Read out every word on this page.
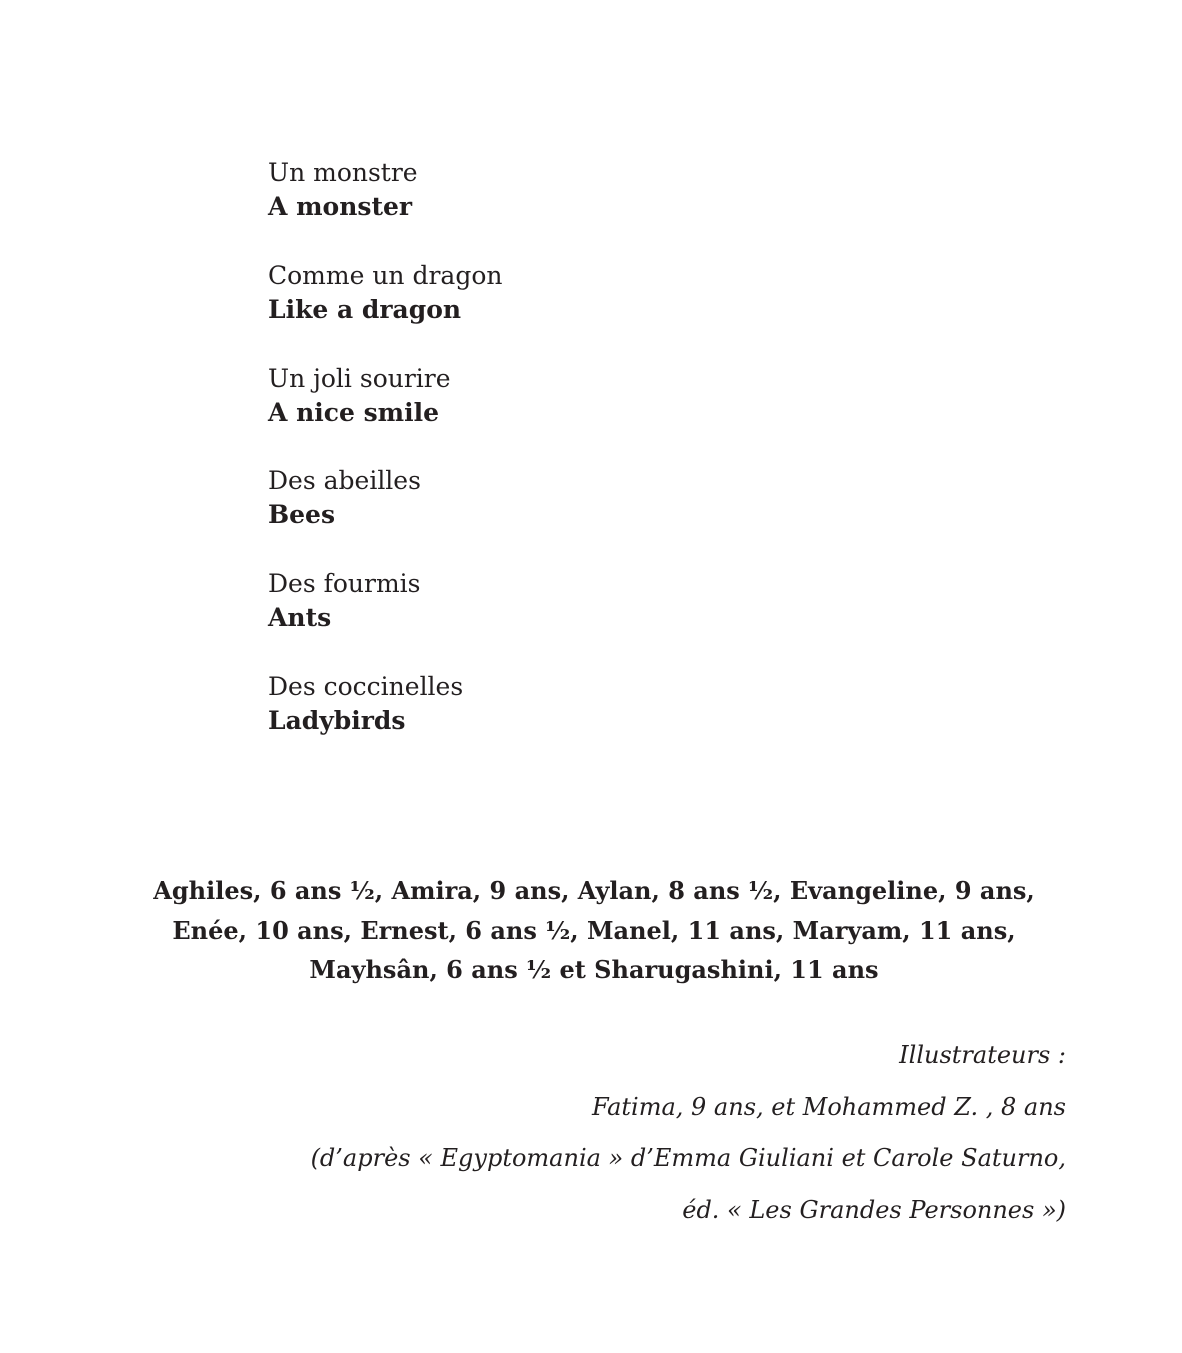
Un monstre
A monster
Comme un dragon
Like a dragon
Un joli sourire
A nice smile
Des abeilles
Bees
Des fourmis
Ants
Des coccinelles
Ladybirds
Aghiles, 6 ans ½, Amira, 9 ans, Aylan, 8 ans ½, Evangeline, 9 ans,
Enée, 10 ans, Ernest, 6 ans ½, Manel, 11 ans, Maryam, 11 ans,
Mayhsân, 6 ans ½ et Sharugashini, 11 ans
Illustrateurs :
Fatima, 9 ans, et Mohammed Z. , 8 ans
(d’après « Egyptomania » d’Emma Giuliani et Carole Saturno,
éd. « Les Grandes Personnes »)
